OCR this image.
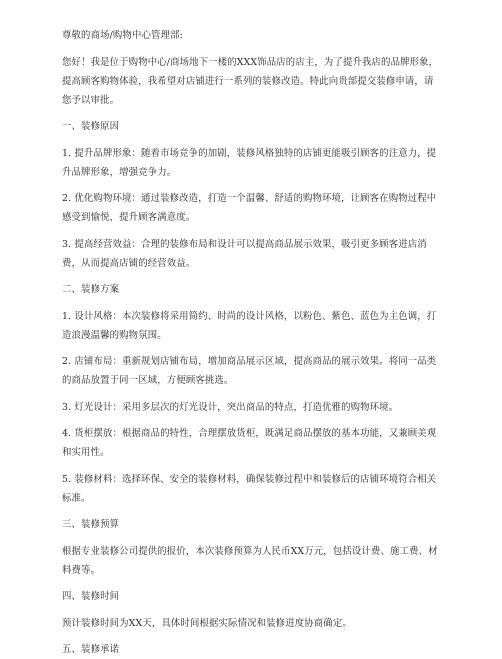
尊敬的商场/购物中心管理部:

您好！我是位于购物中心/商场地下一楼的XXX饰品店的店主，为了提升我店的品牌形象，提高顾客购物体验，我希望对店铺进行一系列的装修改造。特此向贵部提交装修申请，请您予以审批。

一、装修原因

1. 提升品牌形象：随着市场竞争的加剧，装修风格独特的店铺更能吸引顾客的注意力，提升品牌形象，增强竞争力。

2. 优化购物环境：通过装修改造，打造一个温馨、舒适的购物环境，让顾客在购物过程中感受到愉悦，提升顾客满意度。

3. 提高经营效益：合理的装修布局和设计可以提高商品展示效果，吸引更多顾客进店消费，从而提高店铺的经营效益。

二、装修方案

1. 设计风格：本次装修将采用简约、时尚的设计风格，以粉色、紫色、蓝色为主色调，打造浪漫温馨的购物氛围。

2. 店铺布局：重新规划店铺布局，增加商品展示区域，提高商品的展示效果。将同一品类的商品放置于同一区域，方便顾客挑选。

3. 灯光设计：采用多层次的灯光设计，突出商品的特点，打造优雅的购物环境。

4. 货柜摆放：根据商品的特性，合理摆放货柜，既满足商品摆放的基本功能，又兼顾美观和实用性。

5. 装修材料：选择环保、安全的装修材料，确保装修过程中和装修后的店铺环境符合相关标准。

三、装修预算

根据专业装修公司提供的报价，本次装修预算为人民币XX万元，包括设计费、施工费、材料费等。

四、装修时间

预计装修时间为XX天，具体时间根据实际情况和装修进度协商确定。

五、装修承诺
